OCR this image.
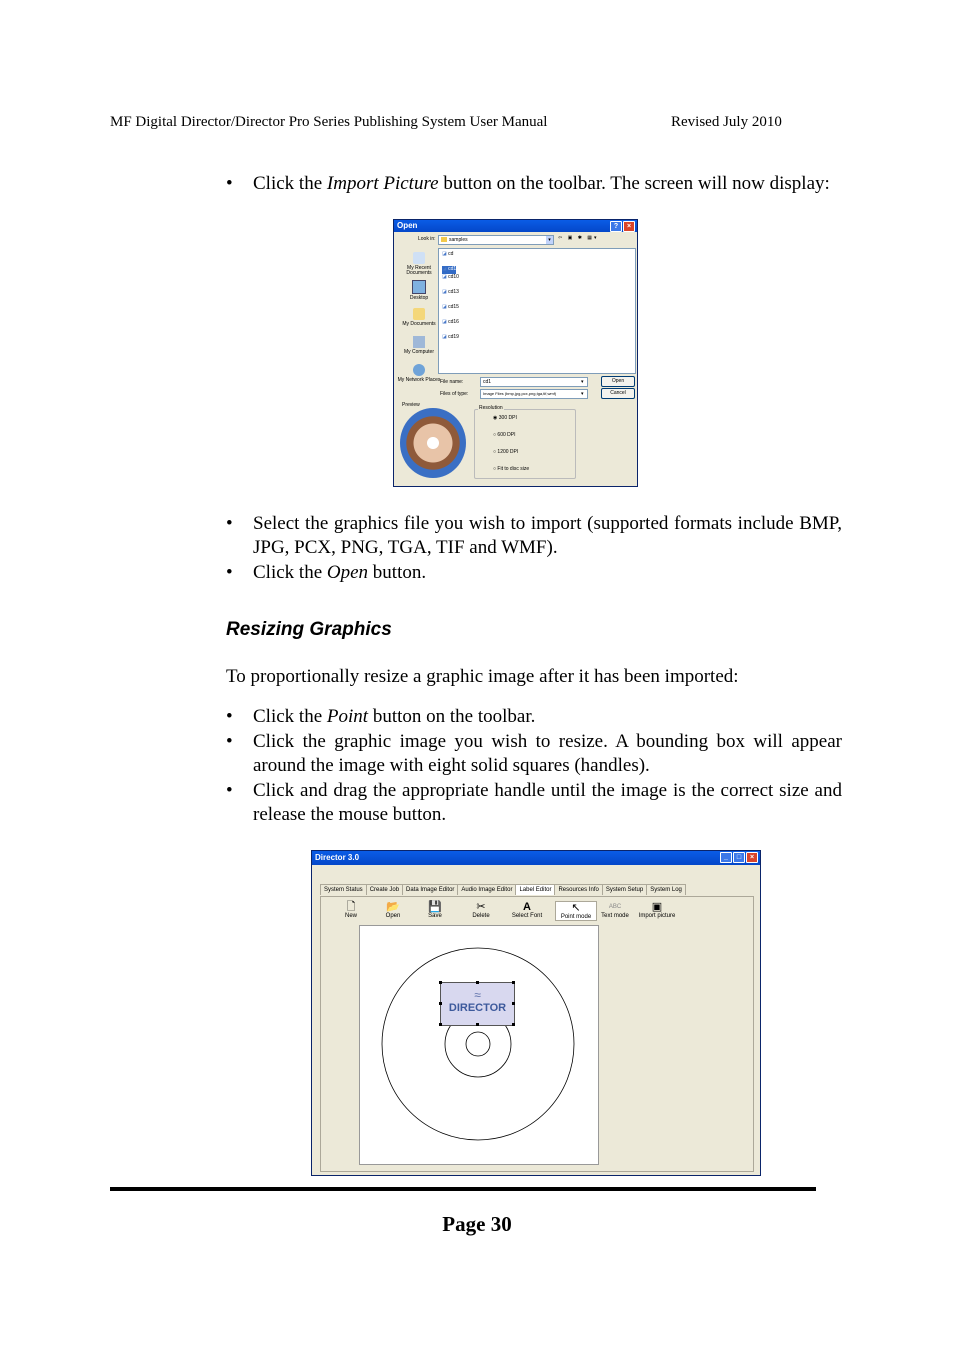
MF Digital Director/Director Pro Series Publishing System User Manual	Revised July 2010
• Click the Import Picture button on the toolbar. The screen will now display:
Open	?	×
Look in:	samples	▾	⇦ ▣ ✱ ▦▾
My Recent Documents
Desktop
My Documents
My Computer
My Network Places
◪ cd

◪ cd1

◪ cd10

◪ cd13

◪ cd15

◪ cd16

◪ cd19

File name:	cd1	▾
Files of type:	Image Files (bmp,jpg,pcx,png,tga,tif,wmf)	▾
Open
Cancel
Preview	Resolution
◉ 300 DPI
○ 600 DPI
○ 1200 DPI
○ Fit to disc size
• Select the graphics file you wish to import (supported formats include BMP, JPG, PCX, PNG, TGA, TIF and WMF).
• Click the Open button.
Resizing Graphics
To proportionally resize a graphic image after it has been imported:
• Click the Point button on the toolbar.
• Click the graphic image you wish to resize. A bounding box will appear around the image with eight solid squares (handles).
• Click and drag the appropriate handle until the image is the correct size and release the mouse button.
Director 3.0	_	□	×
System Status	Create Job	Data Image Editor	Audio Image Editor	Label Editor	Resources Info	System Setup	System Log
🗋
New
📂
Open
💾
Save
✂
Delete
A
Select Font
↖
Point mode
ABC
Text mode
▣
Import picture
≈
DIRECTOR
Page 30
